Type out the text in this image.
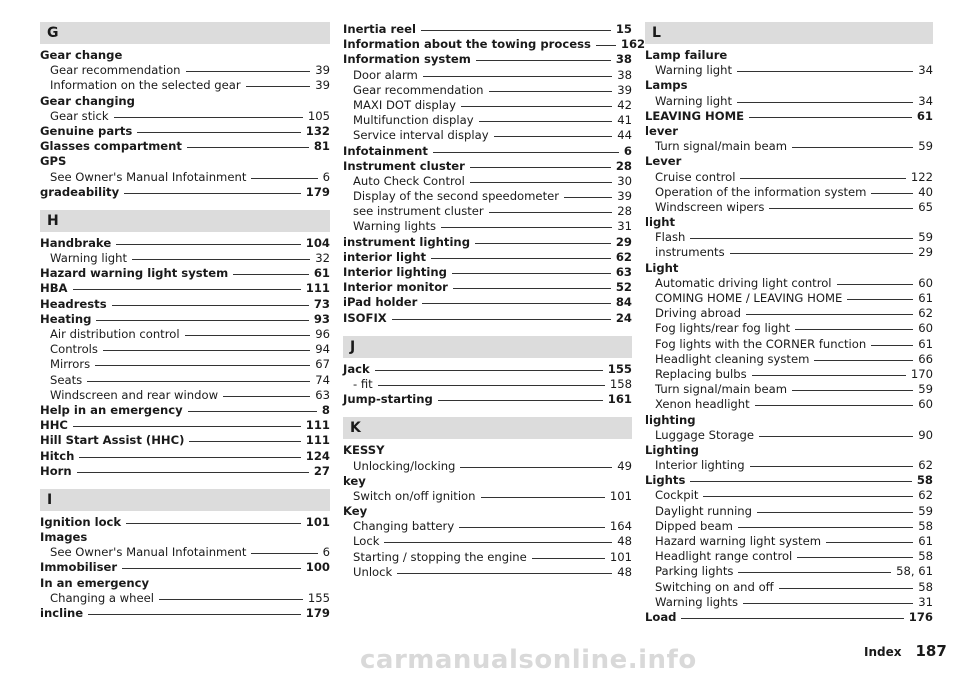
G
Gear change
Gear recommendation	39
Information on the selected gear	39
Gear changing
Gear stick	105
Genuine parts	132
Glasses compartment	81
GPS
See Owner's Manual Infotainment	6
gradeability	179
H
Handbrake	104
Warning light	32
Hazard warning light system	61
HBA	111
Headrests	73
Heating	93
Air distribution control	96
Controls	94
Mirrors	67
Seats	74
Windscreen and rear window	63
Help in an emergency	8
HHC	111
Hill Start Assist (HHC)	111
Hitch	124
Horn	27
I
Ignition lock	101
Images
See Owner's Manual Infotainment	6
Immobiliser	100
In an emergency
Changing a wheel	155
incline	179
Inertia reel	15
Information about the towing process	162
Information system	38
Door alarm	38
Gear recommendation	39
MAXI DOT display	42
Multifunction display	41
Service interval display	44
Infotainment	6
Instrument cluster	28
Auto Check Control	30
Display of the second speedometer	39
see instrument cluster	28
Warning lights	31
instrument lighting	29
interior light	62
Interior lighting	63
Interior monitor	52
iPad holder	84
ISOFIX	24
J
Jack	155
- fit	158
Jump-starting	161
K
KESSY
Unlocking/locking	49
key
Switch on/off ignition	101
Key
Changing battery	164
Lock	48
Starting / stopping the engine	101
Unlock	48
L
Lamp failure
Warning light	34
Lamps
Warning light	34
LEAVING HOME	61
lever
Turn signal/main beam	59
Lever
Cruise control	122
Operation of the information system	40
Windscreen wipers	65
light
Flash	59
instruments	29
Light
Automatic driving light control	60
COMING HOME / LEAVING HOME	61
Driving abroad	62
Fog lights/rear fog light	60
Fog lights with the CORNER function	61
Headlight cleaning system	66
Replacing bulbs	170
Turn signal/main beam	59
Xenon headlight	60
lighting
Luggage Storage	90
Lighting
Interior lighting	62
Lights	58
Cockpit	62
Daylight running	59
Dipped beam	58
Hazard warning light system	61
Headlight range control	58
Parking lights	58, 61
Switching on and off	58
Warning lights	31
Load	176
carmanualsonline.info	Index 187
